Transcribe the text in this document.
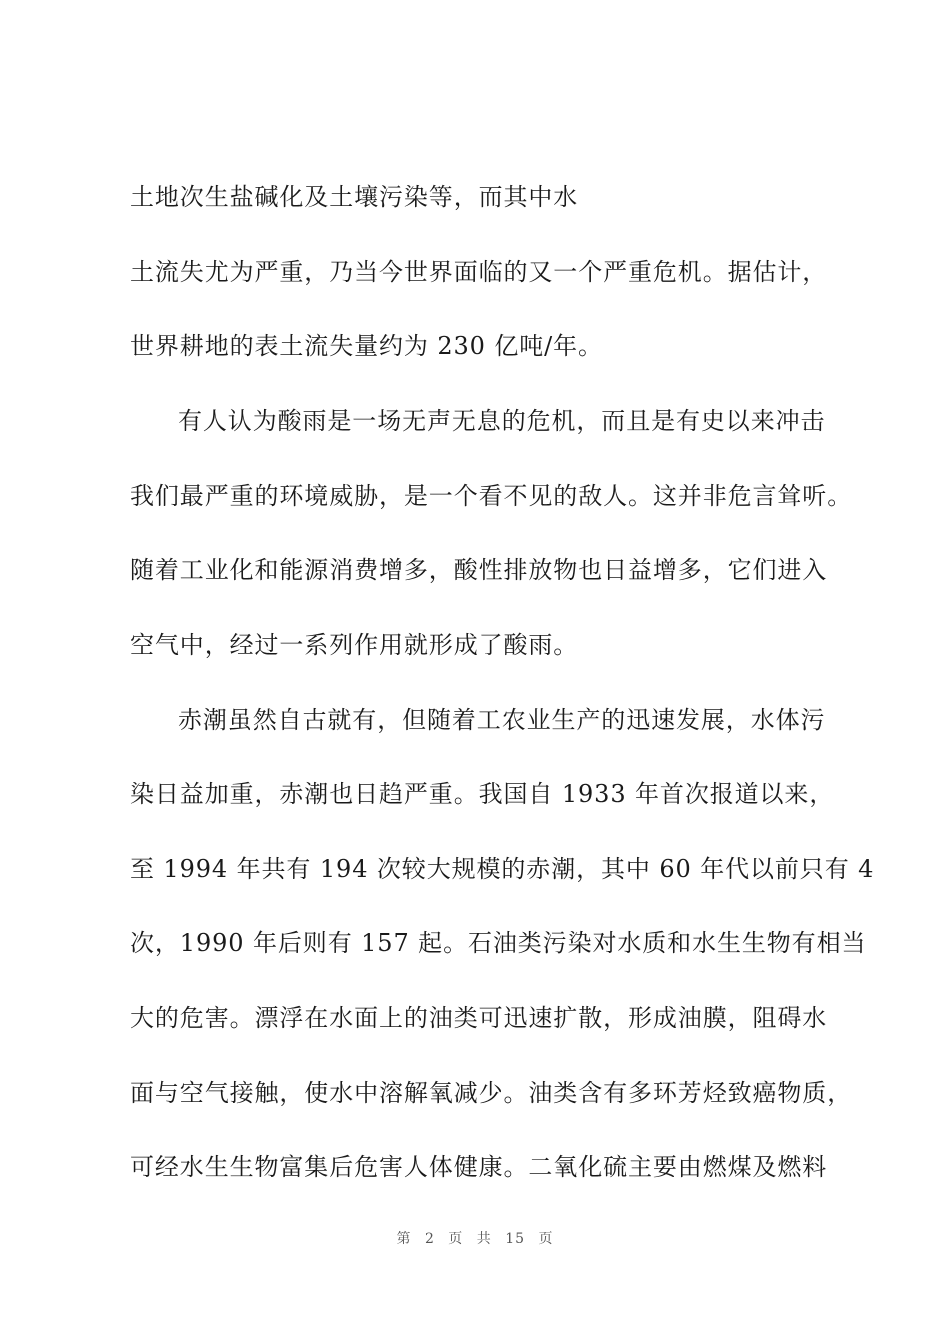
土地次生盐碱化及土壤污染等，而其中水
土流失尤为严重，乃当今世界面临的又一个严重危机。据估计，
世界耕地的表土流失量约为 230 亿吨/年。
有人认为酸雨是一场无声无息的危机，而且是有史以来冲击
我们最严重的环境威胁，是一个看不见的敌人。这并非危言耸听。
随着工业化和能源消费增多，酸性排放物也日益增多，它们进入
空气中，经过一系列作用就形成了酸雨。
赤潮虽然自古就有，但随着工农业生产的迅速发展，水体污
染日益加重，赤潮也日趋严重。我国自 1933 年首次报道以来，
至 1994 年共有 194 次较大规模的赤潮，其中 60 年代以前只有 4
次，1990 年后则有 157 起。石油类污染对水质和水生生物有相当
大的危害。漂浮在水面上的油类可迅速扩散，形成油膜，阻碍水
面与空气接触，使水中溶解氧减少。油类含有多环芳烃致癌物质，
可经水生生物富集后危害人体健康。二氧化硫主要由燃煤及燃料
第 2 页 共 15 页
